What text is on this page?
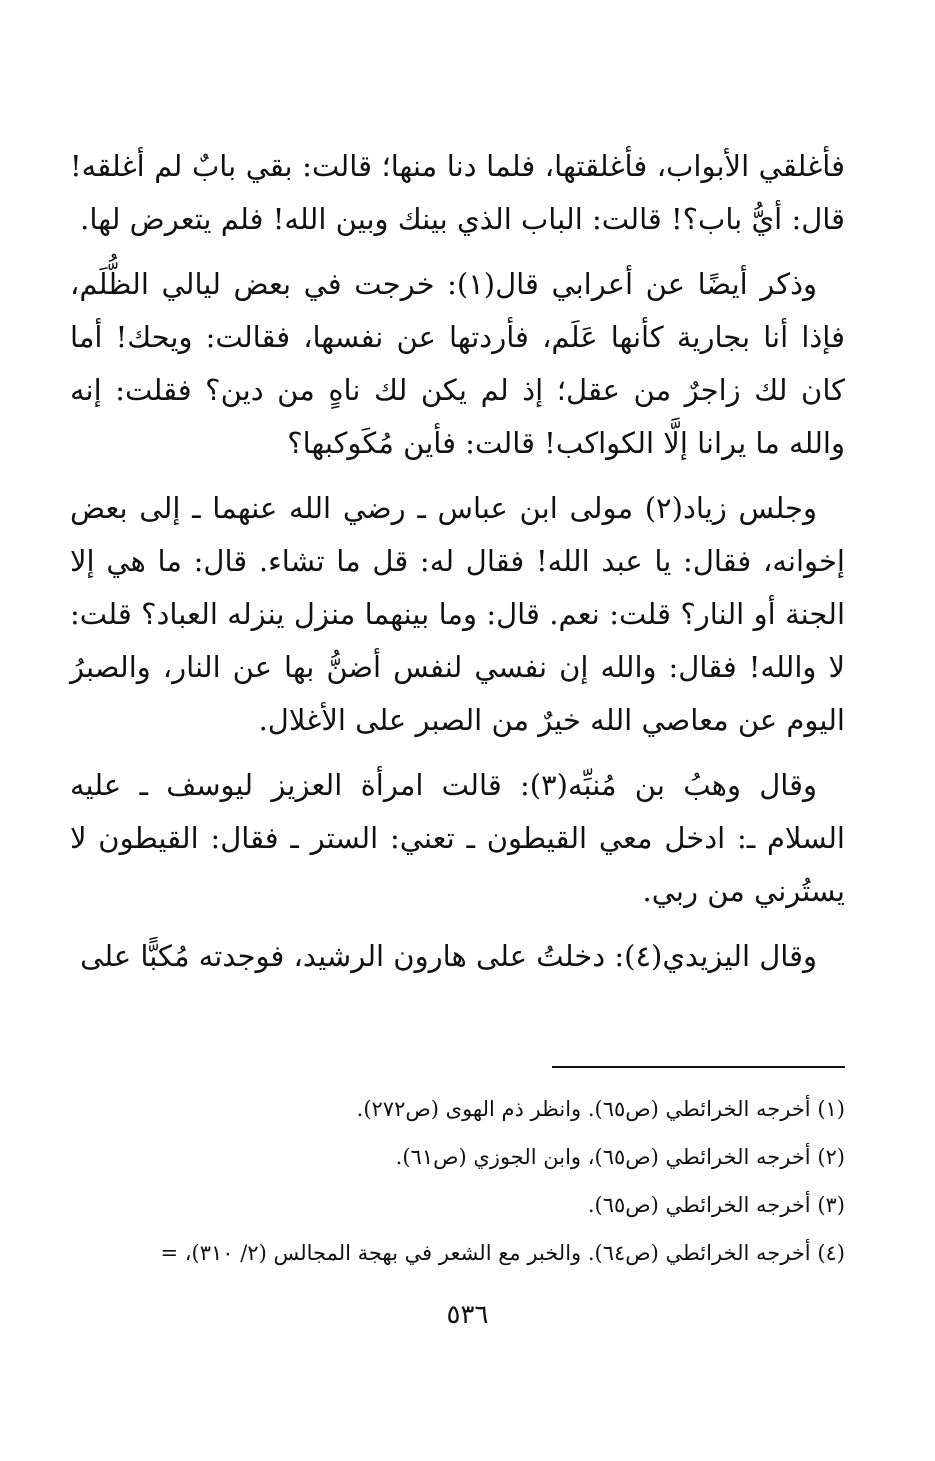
فأغلقي الأبواب، فأغلقتها، فلما دنا منها؛ قالت: بقي بابٌ لم أغلقه! قال: أيُّ باب؟! قالت: الباب الذي بينك وبين الله! فلم يتعرض لها.

وذكر أيضًا عن أعرابي قال(١): خرجت في بعض ليالي الظُّلَم، فإذا أنا بجارية كأنها عَلَم، فأردتها عن نفسها، فقالت: ويحك! أما كان لك زاجرٌ من عقل؛ إذ لم يكن لك ناهٍ من دين؟ فقلت: إنه والله ما يرانا إلَّا الكواكب! قالت: فأين مُكَوكبها؟

وجلس زياد(٢) مولى ابن عباس ـ رضي الله عنهما ـ إلى بعض إخوانه، فقال: يا عبد الله! فقال له: قل ما تشاء. قال: ما هي إلا الجنة أو النار؟ قلت: نعم. قال: وما بينهما منزل ينزله العباد؟ قلت: لا والله! فقال: والله إن نفسي لنفس أضنُّ بها عن النار، والصبرُ اليوم عن معاصي الله خيرٌ من الصبر على الأغلال.

وقال وهبُ بن مُنبِّه(٣): قالت امرأة العزيز ليوسف ـ عليه السلام ـ: ادخل معي القيطون ـ تعني: الستر ـ فقال: القيطون لا يستُرني من ربي.

وقال اليزيدي(٤): دخلتُ على هارون الرشيد، فوجدته مُكبًّا على

(١) أخرجه الخرائطي (ص٦٥). وانظر ذم الهوى (ص٢٧٢).
(٢) أخرجه الخرائطي (ص٦٥)، وابن الجوزي (ص٦١).
(٣) أخرجه الخرائطي (ص٦٥).
(٤) أخرجه الخرائطي (ص٦٤). والخبر مع الشعر في بهجة المجالس (٢/ ٣١٠)، =
٥٣٦
